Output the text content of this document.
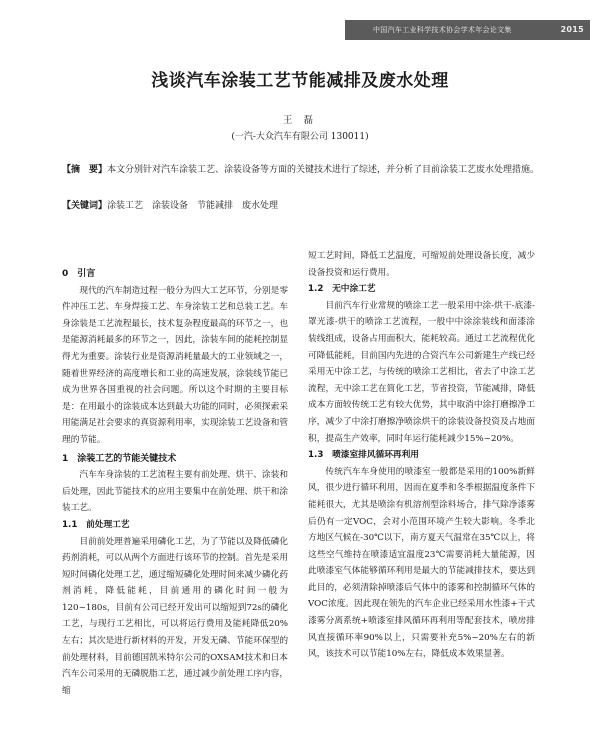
中国汽车工业科学技术协会学术年会论文集	2015
浅谈汽车涂装工艺节能减排及废水处理
王 磊
(一汽-大众汽车有限公司 130011)
【摘　要】本文分别针对汽车涂装工艺、涂装设备等方面的关键技术进行了综述，并分析了目前涂装工艺废水处理措施。
【关键词】涂装工艺　涂装设备　节能减排　废水处理
0　引言

现代的汽车制造过程一般分为四大工艺环节，分别是零件冲压工艺、车身焊接工艺、车身涂装工艺和总装工艺。车身涂装是工艺流程最长，技术复杂程度最高的环节之一，也是能源消耗最多的环节之一，因此，涂装车间的能耗控制显得尤为重要。涂装行业是资源消耗量最大的工业领域之一，随着世界经济的高度增长和工业的高速发展，涂装线节能已成为世界各国重视的社会问题。所以这个时期的主要目标是：在用最小的涂装成本达到最大功能的同时，必须探索采用能满足社会要求的真资源利用率，实现涂装工艺设备和管理的节能。

1　涂装工艺的节能关键技术

汽车车身涂装的工艺流程主要有前处理、烘干、涂装和后处理，因此节能技术的应用主要集中在前处理、烘干和涂装工艺。

1.1　前处理工艺

目前前处理普遍采用磷化工艺，为了节能以及降低磷化药剂消耗，可以从两个方面进行该环节的控制。首先是采用短时间磷化处理工艺，通过缩短磷化处理时间来减少磷化药剂消耗，降低能耗，目前通用的磷化时间一般为120~180s，目前有公司已经开发出可以缩短到72s的磷化工艺，与现行工艺相比，可以将运行费用及能耗降低20%左右；其次是进行新材料的开发，开发无磷、节能环保型的前处理材料，目前德国凯米特尔公司的OXSAM技术和日本汽车公司采用的无磷脱脂工艺，通过减少前处理工序内容，缩

短工艺时间，降低工艺温度，可缩短前处理设备长度，减少设备投资和运行费用。

1.2　无中涂工艺

目前汽车行业常规的喷涂工艺一般采用中涂-烘干-底漆-罩光漆-烘干的喷涂工艺流程，一般中中涂涂装线和面漆涂装线组成，设备占用面积大，能耗较高。通过工艺流程优化可降低能耗，目前国内先进的合资汽车公司新建生产线已经采用无中涂工艺，与传统的喷涂工艺相比，省去了中涂工艺流程，无中涂工艺在简化工艺，节省投资，节能减排，降低成本方面较传统工艺有较大优势，其中取消中涂打磨擦净工序，减少了中涂打磨擦净喷涂烘干的涂装设备投资及占地面积，提高生产效率，同时年运行能耗减少15%~20%。

1.3　喷漆室排风循环再利用

传统汽车车身使用的喷漆室一般都是采用的100%新鲜风，很少进行循环利用，因而在夏季和冬季根据温度条件下能耗很大，尤其是喷涂有机溶剂型涂料场合，排气除净漆雾后仍有一定VOC，会对小范围环境产生较大影响。冬季北方地区气候在-30℃以下，南方夏天气温常在35℃以上，将这些空气维持在喷漆适宜温度23℃需要消耗大量能源，因此喷漆室气体能够循环利用是最大的节能减排技术，要达到此目的，必须清除掉喷漆后气体中的漆雾和控制循环气体的VOC浓度。因此现在领先的汽车企业已经采用水性漆+干式漆雾分离系统+喷漆室排风循环再利用等配套技术，喷房排风直接循环率90%以上，只需要补充5%~20%左右的新风，该技术可以节能10%左右，降低成本效果显著。
